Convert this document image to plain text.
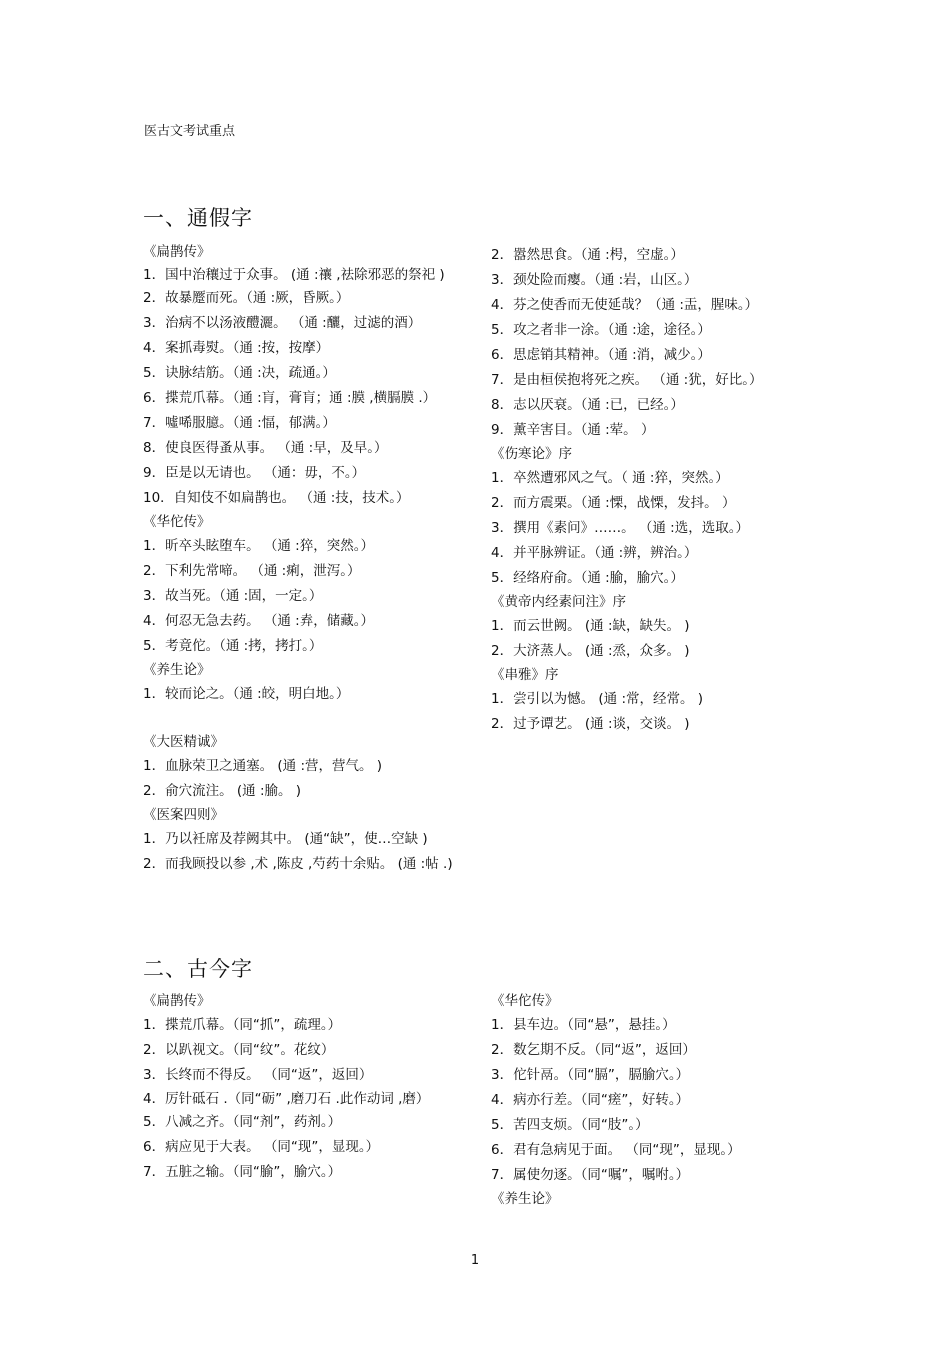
医古文考试重点
一、通假字
《扁鹊传》
1．国中治穰过于众事。 (通 :禳 ,祛除邪恶的祭祀 )
2．故暴蹷而死。（通 :厥，昏厥。）
3．治病不以汤液醴灑。 （通 :釃，过滤的酒）
4．案抓毒熨。（通 :按，按摩）
5．诀脉结筋。（通 :决，疏通。）
6．揲荒爪幕。（通 :肓，膏肓；通 :膜 ,横膈膜 .）
7．噓唏服臆。（通 :愊，郁满。）
8．使良医得蚤从事。 （通 :早，及早。）
9．臣是以无请也。 （通：毋，不。）
10．自知伎不如扁鹊也。 （通 :技，技术。）
《华佗传》
1．昕卒头眩堕车。 （通 :猝，突然。）
2．下利先常啼。 （通 :痢，泄泻。）
3．故当死。（通 :固，一定。）
4．何忍无急去药。 （通 :弆，储藏。）
5．考竟佗。（通 :拷，拷打。）
《养生论》
1．较而论之。（通 :皎，明白地。）
《大医精诚》
1．血脉荣卫之通塞。 (通 :营，营气。 )
2．俞穴流注。 (通 :腧。 )
《医案四则》
1．乃以衽席及荐阙其中。 (通“缺”，使…空缺 )
2．而我顾投以参 ,术 ,陈皮 ,芍药十余贴。 (通 :帖 .)
2．嚣然思食。（通 :枵，空虚。）
3．颈处险而瘿。（通 :岩，山区。）
4．芬之使香而无使延哉？（通 :㿻，腥味。）
5．攻之者非一涂。（通 :途，途径。）
6．思虑销其精神。（通 :消，减少。）
7．是由桓侯抱将死之疾。 （通 :犹，好比。）
8．志以厌衰。（通 :已，已经。）
9．薰辛害目。（通 :荤。 ）
《伤寒论》序
1．卒然遭邪风之气。（ 通 :猝，突然。）
2．而方震栗。（通 :慄，战慄，发抖。 ）
3．撰用《素问》……。 （通 :选，选取。）
4．并平脉辨证。（通 :辨，辨治。）
5．经络府俞。（通 :腧，腧穴。）
《黄帝内经素问注》序
1．而云世阙。 (通 :缺，缺失。 )
2．大济蒸人。 (通 :烝，众多。 )
《串雅》序
1．尝引以为憾。 (通 :常，经常。 )
2．过予谭艺。 (通 :谈，交谈。 )
二、古今字
《扁鹊传》
1．揲荒爪幕。（同“抓”，疏理。）
2．以趴视文。（同“纹”。花纹）
3．长终而不得反。 （同“返”，返回）
4．厉针砥石 .（同“砺” ,磨刀石 .此作动词 ,磨）
5．八减之齐。（同“剂”，药剂。）
6．病应见于大表。 （同“现”，显现。）
7．五脏之输。（同“腧”，腧穴。）
《华佗传》
1．县车边。（同“悬”，悬挂。）
2．数乞期不反。（同“返”，返回）
3．佗针鬲。（同“膈”，膈腧穴。）
4．病亦行差。（同“瘥”，好转。）
5．苦四支烦。（同“肢”。）
6．君有急病见于面。 （同“现”，显现。）
7．属使勿逐。（同“嘱”，嘱咐。）
《养生论》
1
